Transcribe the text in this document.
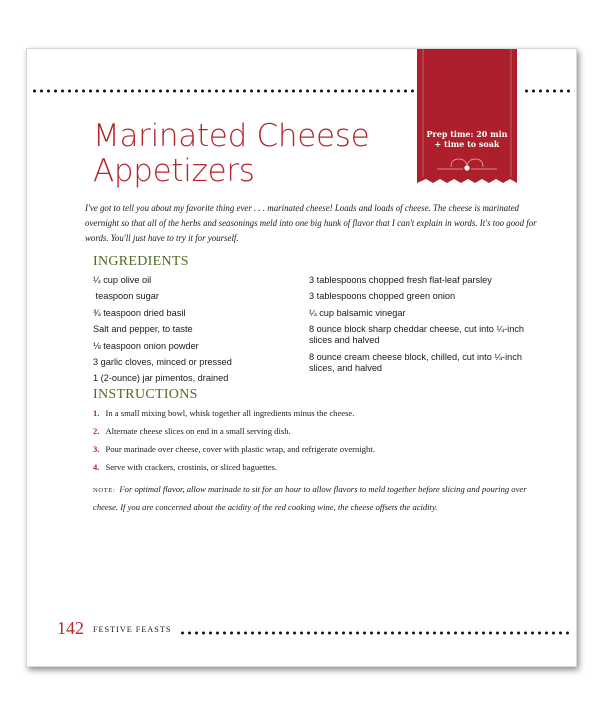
Prep time: 20 min
+ time to soak
Marinated Cheese
Appetizers
I've got to tell you about my favorite thing ever . . . marinated cheese! Loads and loads of cheese. The cheese is marinated overnight so that all of the herbs and seasonings meld into one big hunk of flavor that I can't explain in words. It's too good for words. You'll just have to try it for yourself.
INGREDIENTS
¼ cup olive oil
teaspoon sugar
¾ teaspoon dried basil
Salt and pepper, to taste
⅛ teaspoon onion powder
3 garlic cloves, minced or pressed
1 (2-ounce) jar pimentos, drained
3 tablespoons chopped fresh flat-leaf parsley
3 tablespoons chopped green onion
¼ cup balsamic vinegar
8 ounce block sharp cheddar cheese, cut into ¼-inch slices and halved
8 ounce cream cheese block, chilled, cut into ¼-inch slices, and halved
INSTRUCTIONS
1. In a small mixing bowl, whisk together all ingredients minus the cheese.
2. Alternate cheese slices on end in a small serving dish.
3. Pour marinade over cheese, cover with plastic wrap, and refrigerate overnight.
4. Serve with crackers, crostinis, or sliced baguettes.
NOTE: For optimal flavor, allow marinade to sit for an hour to allow flavors to meld together before slicing and pouring over cheese. If you are concerned about the acidity of the red cooking wine, the cheese offsets the acidity.
142 FESTIVE FEASTS
